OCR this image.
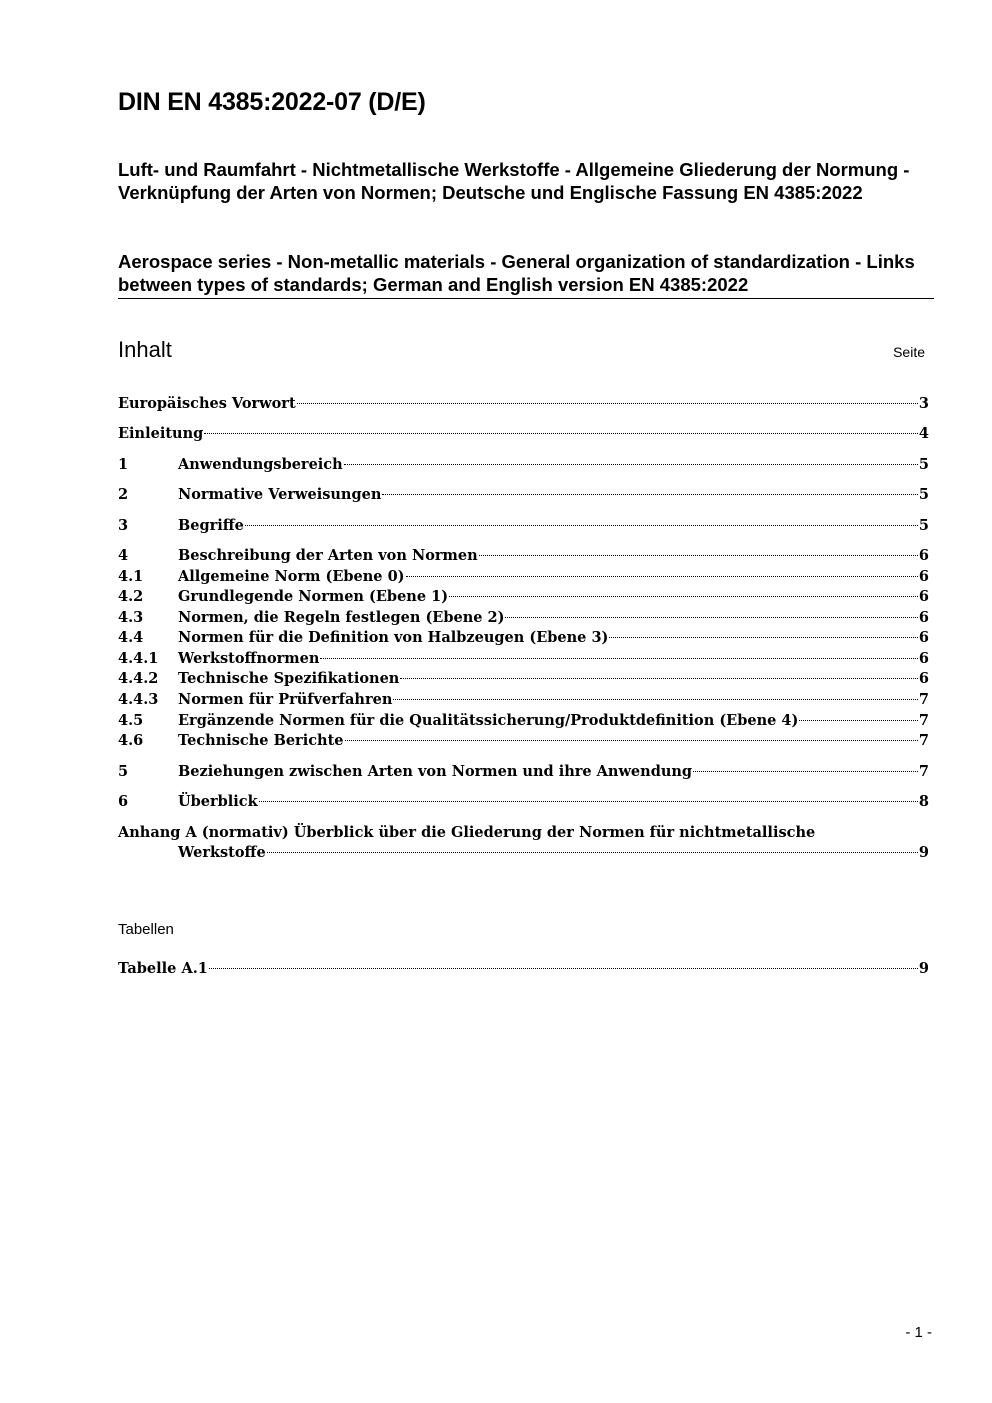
DIN EN 4385:2022-07 (D/E)
Luft- und Raumfahrt - Nichtmetallische Werkstoffe - Allgemeine Gliederung der Normung - Verknüpfung der Arten von Normen; Deutsche und Englische Fassung EN 4385:2022
Aerospace series - Non-metallic materials - General organization of standardization - Links between types of standards; German and English version EN 4385:2022
Inhalt	Seite
Europäisches Vorwort	3
Einleitung	4
1	Anwendungsbereich	5
2	Normative Verweisungen	5
3	Begriffe	5
4	Beschreibung der Arten von Normen	6
4.1 Allgemeine Norm (Ebene 0)	6
4.2 Grundlegende Normen (Ebene 1)	6
4.3 Normen, die Regeln festlegen (Ebene 2)	6
4.4 Normen für die Definition von Halbzeugen (Ebene 3)	6
4.4.1 Werkstoffnormen	6
4.4.2 Technische Spezifikationen	6
4.4.3 Normen für Prüfverfahren	7
4.5 Ergänzende Normen für die Qualitätssicherung/Produktdefinition (Ebene 4)	7
4.6 Technische Berichte	7
5	Beziehungen zwischen Arten von Normen und ihre Anwendung	7
6	Überblick	8
Anhang A (normativ) Überblick über die Gliederung der Normen für nichtmetallische
Werkstoffe	9
Tabellen
Tabelle A.1	9
- 1 -
